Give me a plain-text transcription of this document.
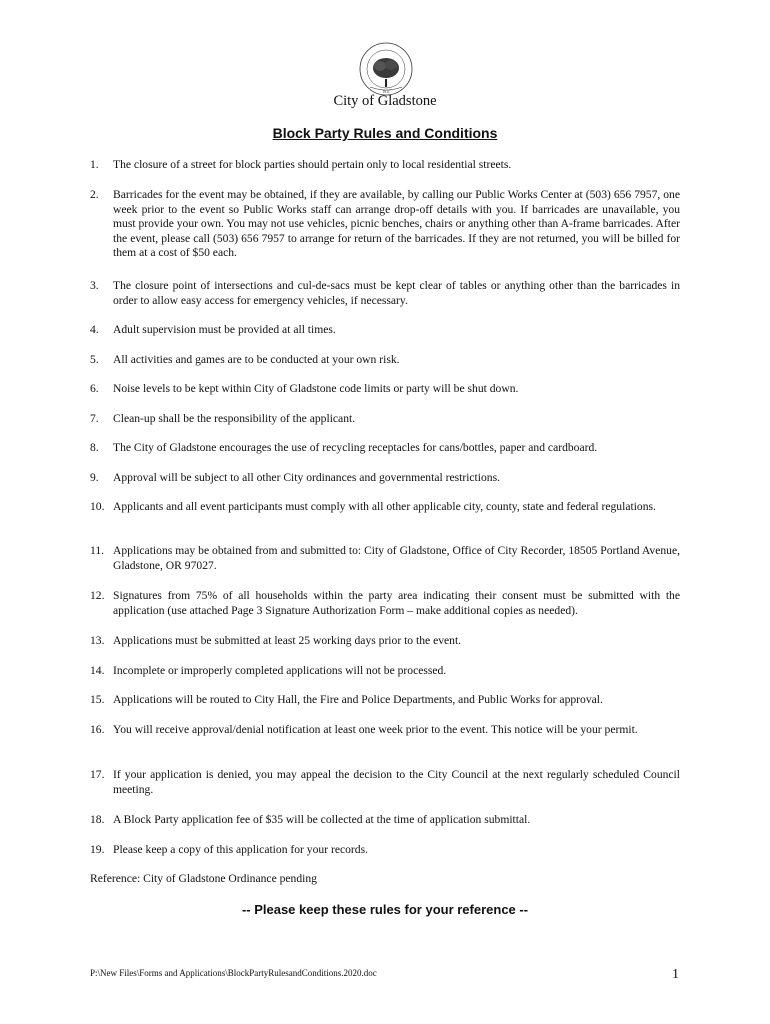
1911
City of Gladstone
Block Party Rules and Conditions
1.	The closure of a street for block parties should pertain only to local residential streets.
2.	Barricades for the event may be obtained, if they are available, by calling our Public Works Center at (503) 656 7957, one week prior to the event so Public Works staff can arrange drop-off details with you. If barricades are unavailable, you must provide your own. You may not use vehicles, picnic benches, chairs or anything other than A-frame barricades. After the event, please call (503) 656 7957 to arrange for return of the barricades. If they are not returned, you will be billed for them at a cost of $50 each.
3.	The closure point of intersections and cul-de-sacs must be kept clear of tables or anything other than the barricades in order to allow easy access for emergency vehicles, if necessary.
4.	Adult supervision must be provided at all times.
5.	All activities and games are to be conducted at your own risk.
6.	Noise levels to be kept within City of Gladstone code limits or party will be shut down.
7.	Clean-up shall be the responsibility of the applicant.
8.	The City of Gladstone encourages the use of recycling receptacles for cans/bottles, paper and cardboard.
9.	Approval will be subject to all other City ordinances and governmental restrictions.
10. Applicants and all event participants must comply with all other applicable city, county, state and federal regulations.
11. Applications may be obtained from and submitted to: City of Gladstone, Office of City Recorder, 18505 Portland Avenue, Gladstone, OR 97027.
12. Signatures from 75% of all households within the party area indicating their consent must be submitted with the application (use attached Page 3 Signature Authorization Form – make additional copies as needed).
13. Applications must be submitted at least 25 working days prior to the event.
14. Incomplete or improperly completed applications will not be processed.
15. Applications will be routed to City Hall, the Fire and Police Departments, and Public Works for approval.
16. You will receive approval/denial notification at least one week prior to the event. This notice will be your permit.
17. If your application is denied, you may appeal the decision to the City Council at the next regularly scheduled Council meeting.
18. A Block Party application fee of $35 will be collected at the time of application submittal.
19. Please keep a copy of this application for your records.
Reference: City of Gladstone Ordinance pending
-- Please keep these rules for your reference --
P:\New Files\Forms and Applications\BlockPartyRulesandConditions.2020.doc	1
